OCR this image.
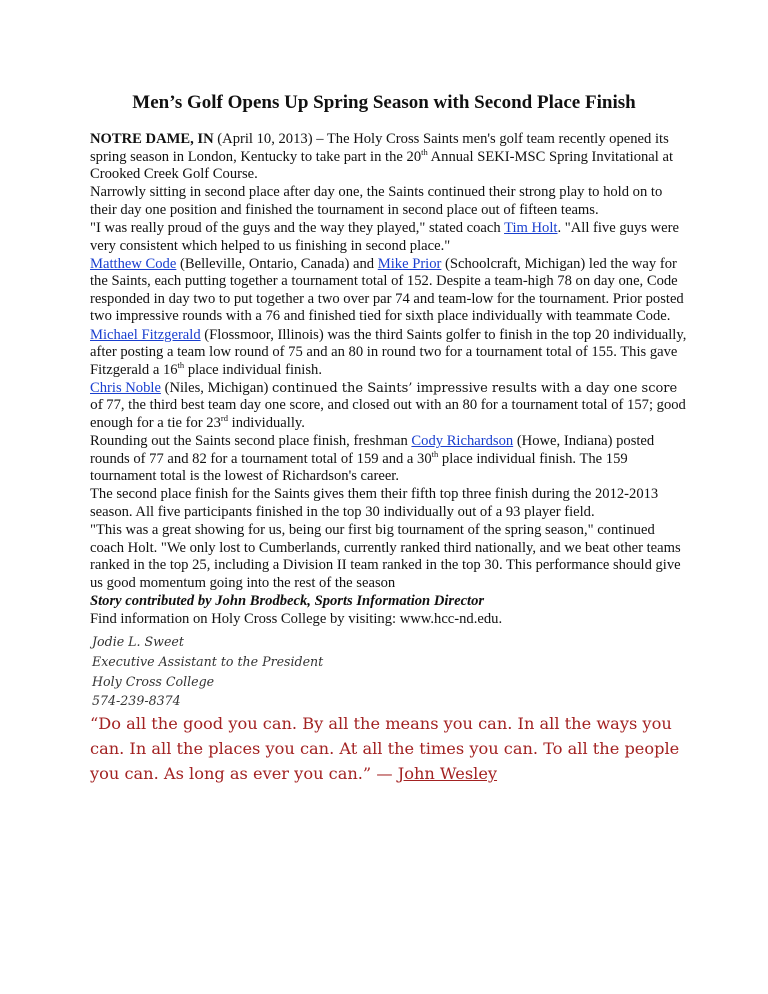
Men’s Golf Opens Up Spring Season with Second Place Finish

NOTRE DAME, IN (April 10, 2013) – The Holy Cross Saints men's golf team recently opened its spring season in London, Kentucky to take part in the 20th Annual SEKI-MSC Spring Invitational at Crooked Creek Golf Course.

Narrowly sitting in second place after day one, the Saints continued their strong play to hold on to their day one position and finished the tournament in second place out of fifteen teams.

"I was really proud of the guys and the way they played," stated coach Tim Holt. "All five guys were very consistent which helped to us finishing in second place."

Matthew Code (Belleville, Ontario, Canada) and Mike Prior (Schoolcraft, Michigan) led the way for the Saints, each putting together a tournament total of 152. Despite a team-high 78 on day one, Code responded in day two to put together a two over par 74 and team-low for the tournament. Prior posted two impressive rounds with a 76 and finished tied for sixth place individually with teammate Code.

Michael Fitzgerald (Flossmoor, Illinois) was the third Saints golfer to finish in the top 20 individually, after posting a team low round of 75 and an 80 in round two for a tournament total of 155. This gave Fitzgerald a 16th place individual finish.

Chris Noble (Niles, Michigan) continued the Saints’ impressive results with a day one score of 77, the third best team day one score, and closed out with an 80 for a tournament total of 157; good enough for a tie for 23rd individually.

Rounding out the Saints second place finish, freshman Cody Richardson (Howe, Indiana) posted rounds of 77 and 82 for a tournament total of 159 and a 30th place individual finish. The 159 tournament total is the lowest of Richardson's career.

The second place finish for the Saints gives them their fifth top three finish during the 2012-2013 season. All five participants finished in the top 30 individually out of a 93 player field.

"This was a great showing for us, being our first big tournament of the spring season," continued coach Holt. "We only lost to Cumberlands, currently ranked third nationally, and we beat other teams ranked in the top 25, including a Division II team ranked in the top 30. This performance should give us good momentum going into the rest of the season

Story contributed by John Brodbeck, Sports Information Director

Find information on Holy Cross College by visiting: www.hcc-nd.edu.

Jodie L. Sweet
Executive Assistant to the President
Holy Cross College
574-239-8374
“Do all the good you can. By all the means you can. In all the ways you can. In all the places you can. At all the times you can. To all the people you can. As long as ever you can.” — John Wesley
